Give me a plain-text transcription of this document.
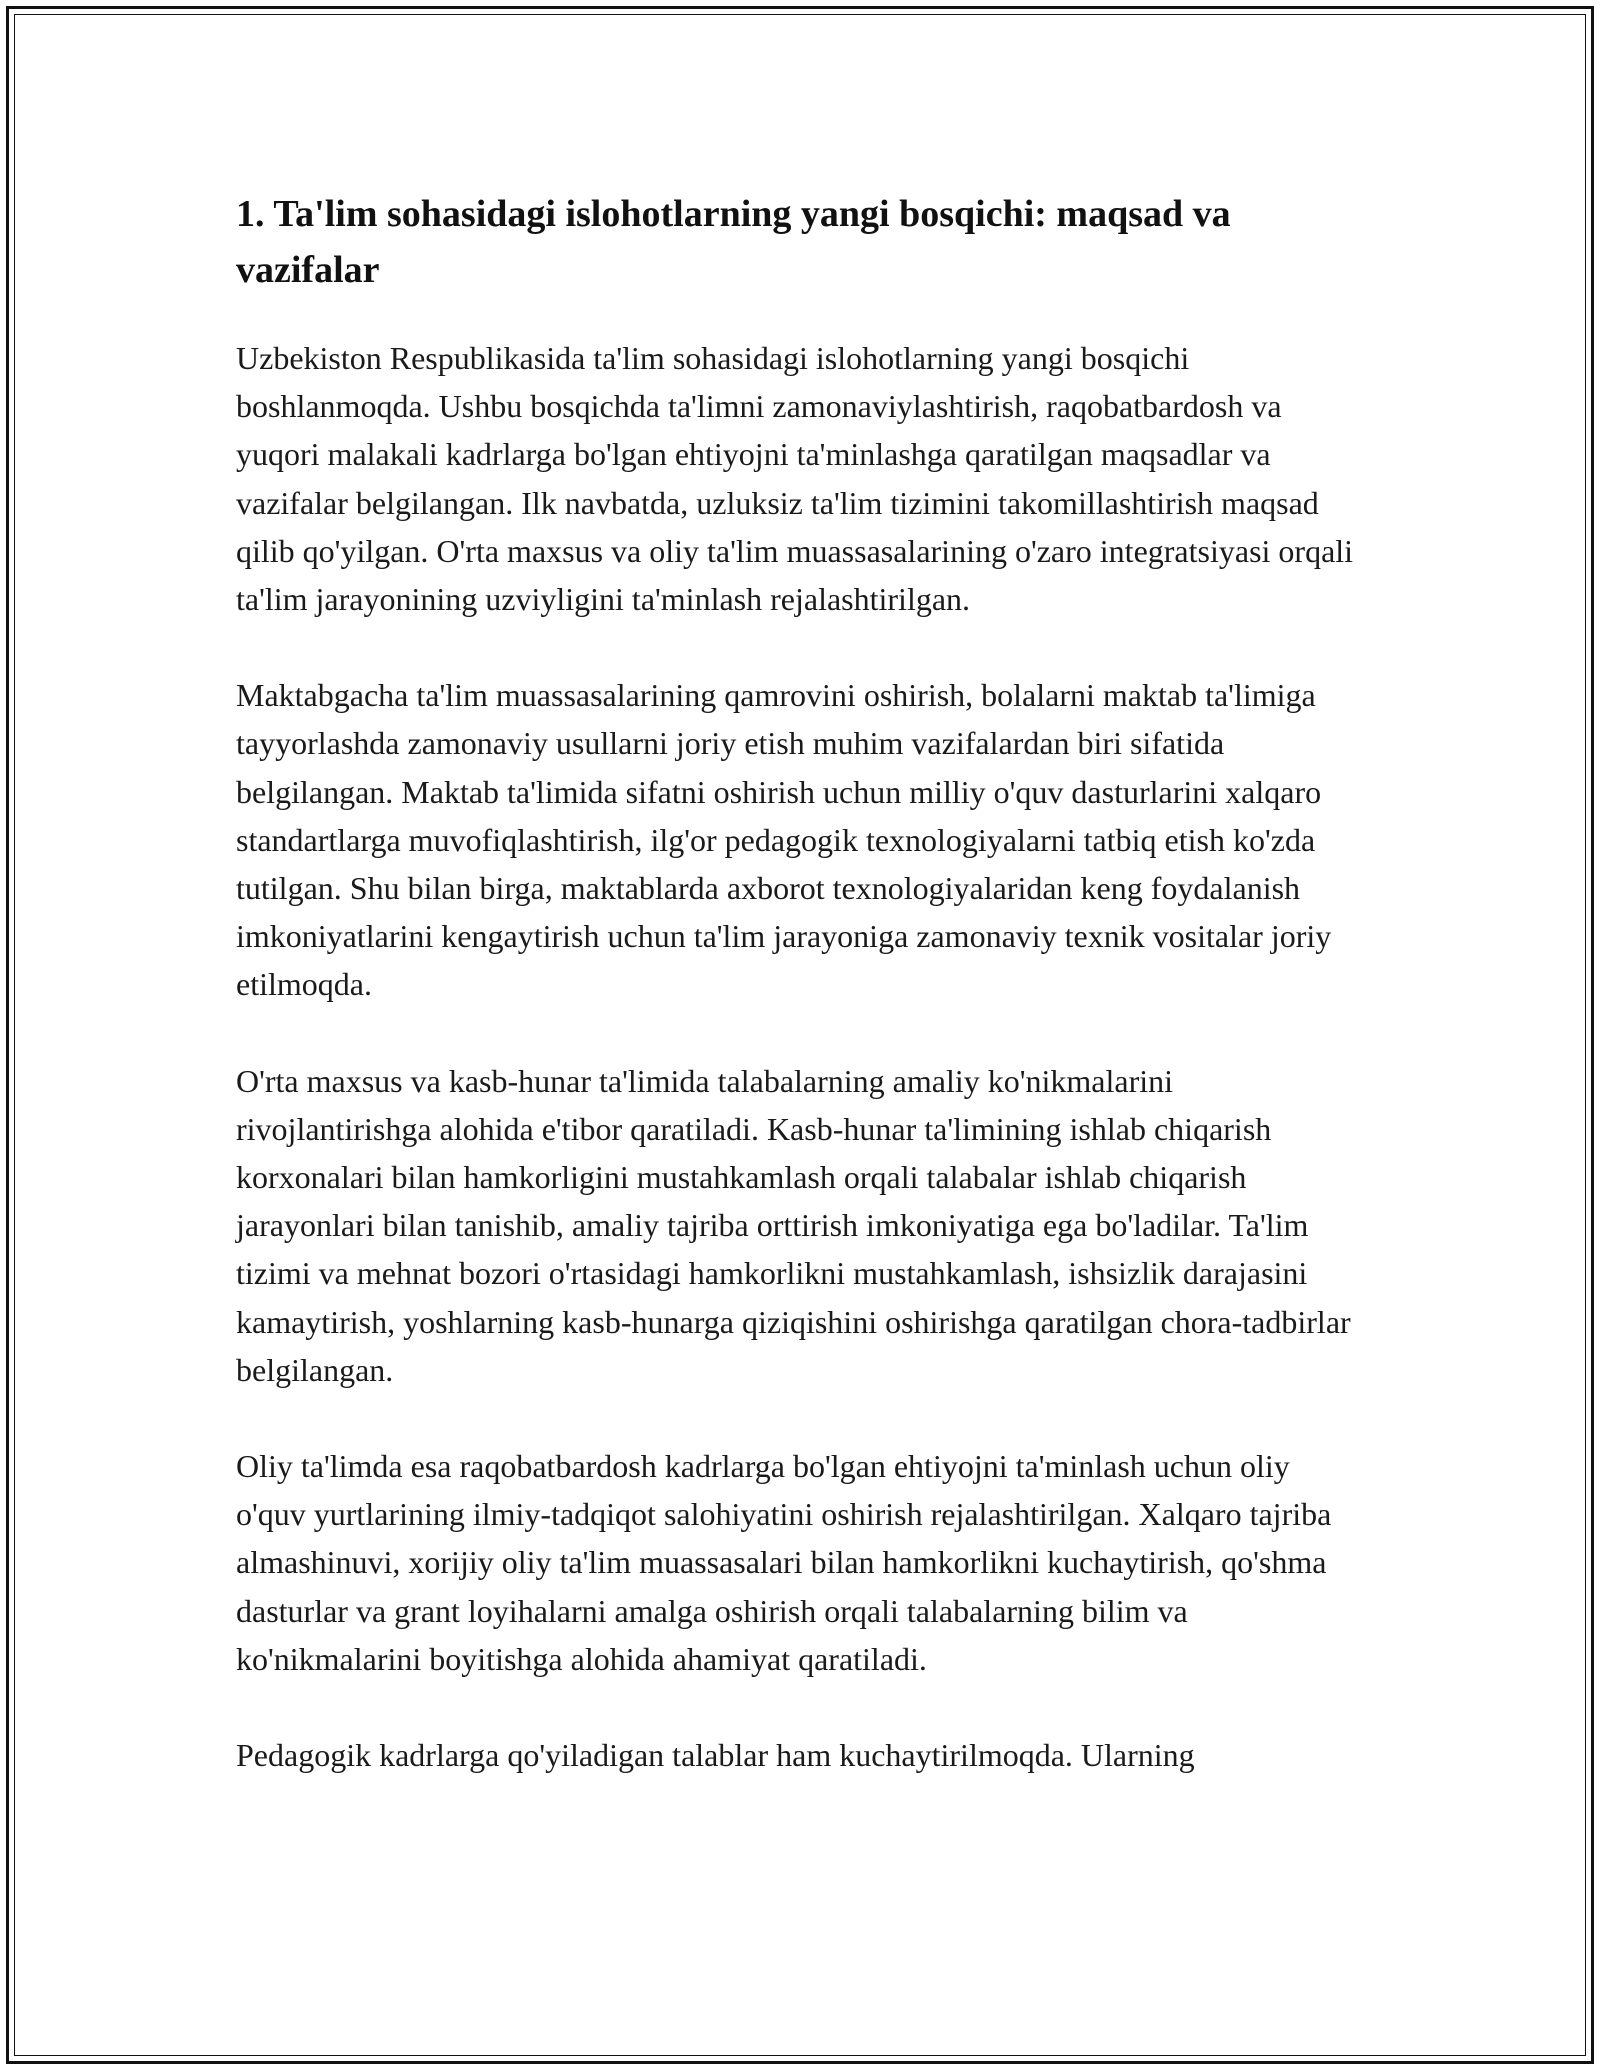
1. Ta'lim sohasidagi islohotlarning yangi bosqichi: maqsad va vazifalar

Uzbekiston Respublikasida ta'lim sohasidagi islohotlarning yangi bosqichi boshlanmoqda. Ushbu bosqichda ta'limni zamonaviylashtirish, raqobatbardosh va yuqori malakali kadrlarga bo'lgan ehtiyojni ta'minlashga qaratilgan maqsadlar va vazifalar belgilangan. Ilk navbatda, uzluksiz ta'lim tizimini takomillashtirish maqsad qilib qo'yilgan. O'rta maxsus va oliy ta'lim muassasalarining o'zaro integratsiyasi orqali ta'lim jarayonining uzviyligini ta'minlash rejalashtirilgan.

Maktabgacha ta'lim muassasalarining qamrovini oshirish, bolalarni maktab ta'limiga tayyorlashda zamonaviy usullarni joriy etish muhim vazifalardan biri sifatida belgilangan. Maktab ta'limida sifatni oshirish uchun milliy o'quv dasturlarini xalqaro standartlarga muvofiqlashtirish, ilg'or pedagogik texnologiyalarni tatbiq etish ko'zda tutilgan. Shu bilan birga, maktablarda axborot texnologiyalaridan keng foydalanish imkoniyatlarini kengaytirish uchun ta'lim jarayoniga zamonaviy texnik vositalar joriy etilmoqda.

O'rta maxsus va kasb-hunar ta'limida talabalarning amaliy ko'nikmalarini rivojlantirishga alohida e'tibor qaratiladi. Kasb-hunar ta'limining ishlab chiqarish korxonalari bilan hamkorligini mustahkamlash orqali talabalar ishlab chiqarish jarayonlari bilan tanishib, amaliy tajriba orttirish imkoniyatiga ega bo'ladilar. Ta'lim tizimi va mehnat bozori o'rtasidagi hamkorlikni mustahkamlash, ishsizlik darajasini kamaytirish, yoshlarning kasb-hunarga qiziqishini oshirishga qaratilgan chora-tadbirlar belgilangan.

Oliy ta'limda esa raqobatbardosh kadrlarga bo'lgan ehtiyojni ta'minlash uchun oliy o'quv yurtlarining ilmiy-tadqiqot salohiyatini oshirish rejalashtirilgan. Xalqaro tajriba almashinuvi, xorijiy oliy ta'lim muassasalari bilan hamkorlikni kuchaytirish, qo'shma dasturlar va grant loyihalarni amalga oshirish orqali talabalarning bilim va ko'nikmalarini boyitishga alohida ahamiyat qaratiladi.

Pedagogik kadrlarga qo'yiladigan talablar ham kuchaytirilmoqda. Ularning
